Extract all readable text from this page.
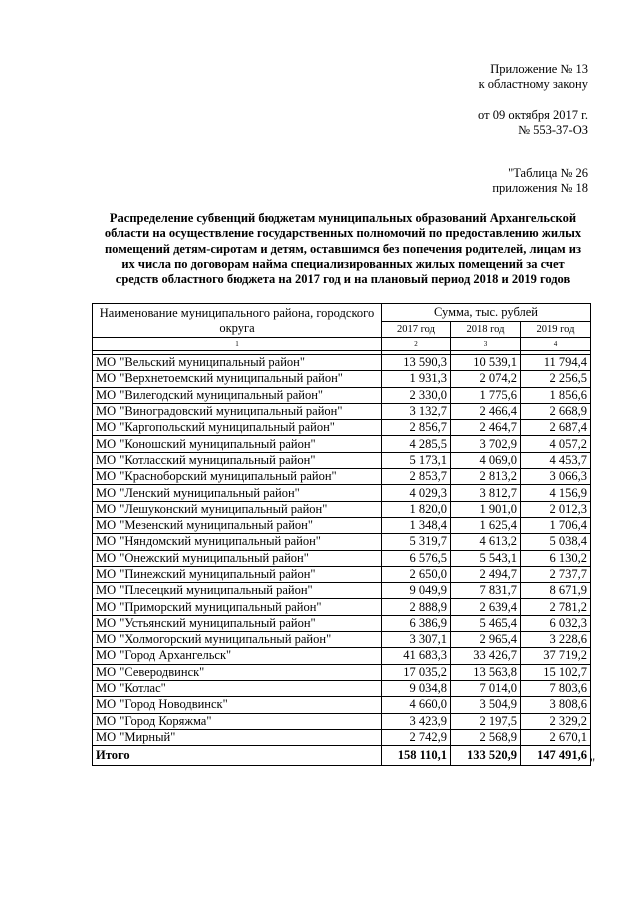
Приложение № 13
к областному закону
от 09 октября 2017 г.
№ 553-37-ОЗ
"Таблица № 26
приложения № 18
Распределение субвенций бюджетам муниципальных образований Архангельской
области на осуществление государственных полномочий по предоставлению жилых
помещений детям-сиротам и детям, оставшимся без попечения родителей, лицам из
их числа по договорам найма специализированных жилых помещений за счет
средств областного бюджета на 2017 год и на плановый период 2018 и 2019 годов
Наименование муниципального района, городского округа	Сумма, тыс. рублей		
	2017 год	2018 год	2019 год
1	2	3	4

МО "Вельский муниципальный район"	13 590,3	10 539,1	11 794,4
МО "Верхнетоемский муниципальный район"	1 931,3	2 074,2	2 256,5
МО "Вилегодский муниципальный район"	2 330,0	1 775,6	1 856,6
МО "Виноградовский муниципальный район"	3 132,7	2 466,4	2 668,9
МО "Каргопольский муниципальный район"	2 856,7	2 464,7	2 687,4
МО "Коношский муниципальный район"	4 285,5	3 702,9	4 057,2
МО "Котласский муниципальный район"	5 173,1	4 069,0	4 453,7
МО "Красноборский муниципальный район"	2 853,7	2 813,2	3 066,3
МО "Ленский муниципальный район"	4 029,3	3 812,7	4 156,9
МО "Лешуконский муниципальный район"	1 820,0	1 901,0	2 012,3
МО "Мезенский муниципальный район"	1 348,4	1 625,4	1 706,4
МО "Няндомский муниципальный район"	5 319,7	4 613,2	5 038,4
МО "Онежский муниципальный район"	6 576,5	5 543,1	6 130,2
МО "Пинежский муниципальный район"	2 650,0	2 494,7	2 737,7
МО "Плесецкий муниципальный район"	9 049,9	7 831,7	8 671,9
МО "Приморский муниципальный район"	2 888,9	2 639,4	2 781,2
МО "Устьянский муниципальный район"	6 386,9	5 465,4	6 032,3
МО "Холмогорский муниципальный район"	3 307,1	2 965,4	3 228,6
МО "Город Архангельск"	41 683,3	33 426,7	37 719,2
МО "Северодвинск"	17 035,2	13 563,8	15 102,7
МО "Котлас"	9 034,8	7 014,0	7 803,6
МО "Город Новодвинск"	4 660,0	3 504,9	3 808,6
МО "Город Коряжма"	3 423,9	2 197,5	2 329,2
МО "Мирный"	2 742,9	2 568,9	2 670,1
Итого	158 110,1	133 520,9	147 491,6
"
